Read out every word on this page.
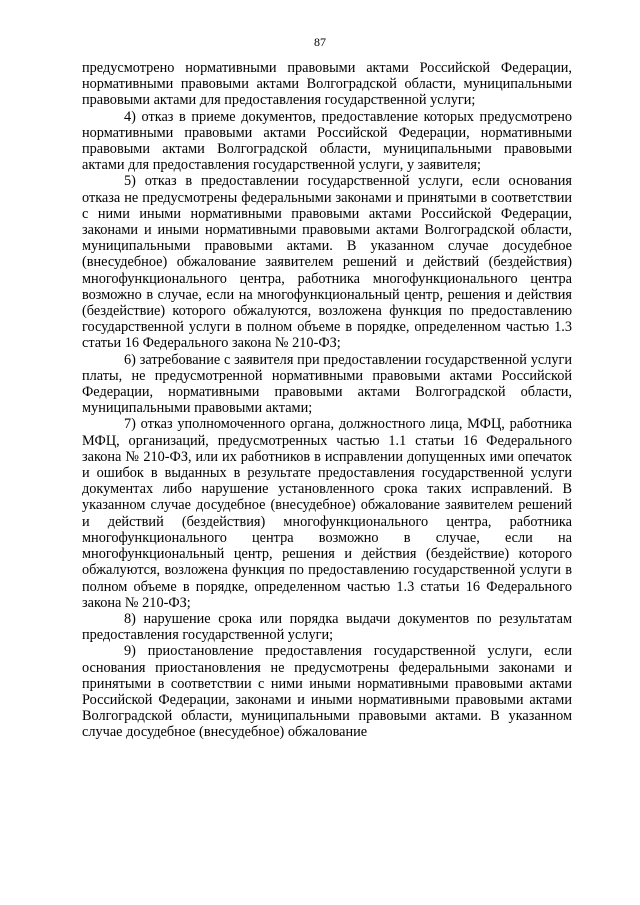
87

предусмотрено нормативными правовыми актами Российской Федерации, нормативными правовыми актами Волгоградской области, муниципальными правовыми актами для предоставления государственной услуги;

4) отказ в приеме документов, предоставление которых предусмотрено нормативными правовыми актами Российской Федерации, нормативными правовыми актами Волгоградской области, муниципальными правовыми актами для предоставления государственной услуги, у заявителя;

5) отказ в предоставлении государственной услуги, если основания отказа не предусмотрены федеральными законами и принятыми в соответствии с ними иными нормативными правовыми актами Российской Федерации, законами и иными нормативными правовыми актами Волгоградской области, муниципальными правовыми актами. В указанном случае досудебное (внесудебное) обжалование заявителем решений и действий (бездействия) многофункционального центра, работника многофункционального центра возможно в случае, если на многофункциональный центр, решения и действия (бездействие) которого обжалуются, возложена функция по предоставлению государственной услуги в полном объеме в порядке, определенном частью 1.3 статьи 16 Федерального закона № 210-ФЗ;

6) затребование с заявителя при предоставлении государственной услуги платы, не предусмотренной нормативными правовыми актами Российской Федерации, нормативными правовыми актами Волгоградской области, муниципальными правовыми актами;

7) отказ уполномоченного органа, должностного лица, МФЦ, работника МФЦ, организаций, предусмотренных частью 1.1 статьи 16 Федерального закона № 210-ФЗ, или их работников в исправлении допущенных ими опечаток и ошибок в выданных в результате предоставления государственной услуги документах либо нарушение установленного срока таких исправлений. В указанном случае досудебное (внесудебное) обжалование заявителем решений и действий (бездействия) многофункционального центра, работника многофункционального центра возможно в случае, если на многофункциональный центр, решения и действия (бездействие) которого обжалуются, возложена функция по предоставлению государственной услуги в полном объеме в порядке, определенном частью 1.3 статьи 16 Федерального закона № 210-ФЗ;

8) нарушение срока или порядка выдачи документов по результатам предоставления государственной услуги;

9) приостановление предоставления государственной услуги, если основания приостановления не предусмотрены федеральными законами и принятыми в соответствии с ними иными нормативными правовыми актами Российской Федерации, законами и иными нормативными правовыми актами Волгоградской области, муниципальными правовыми актами. В указанном случае досудебное (внесудебное) обжалование
